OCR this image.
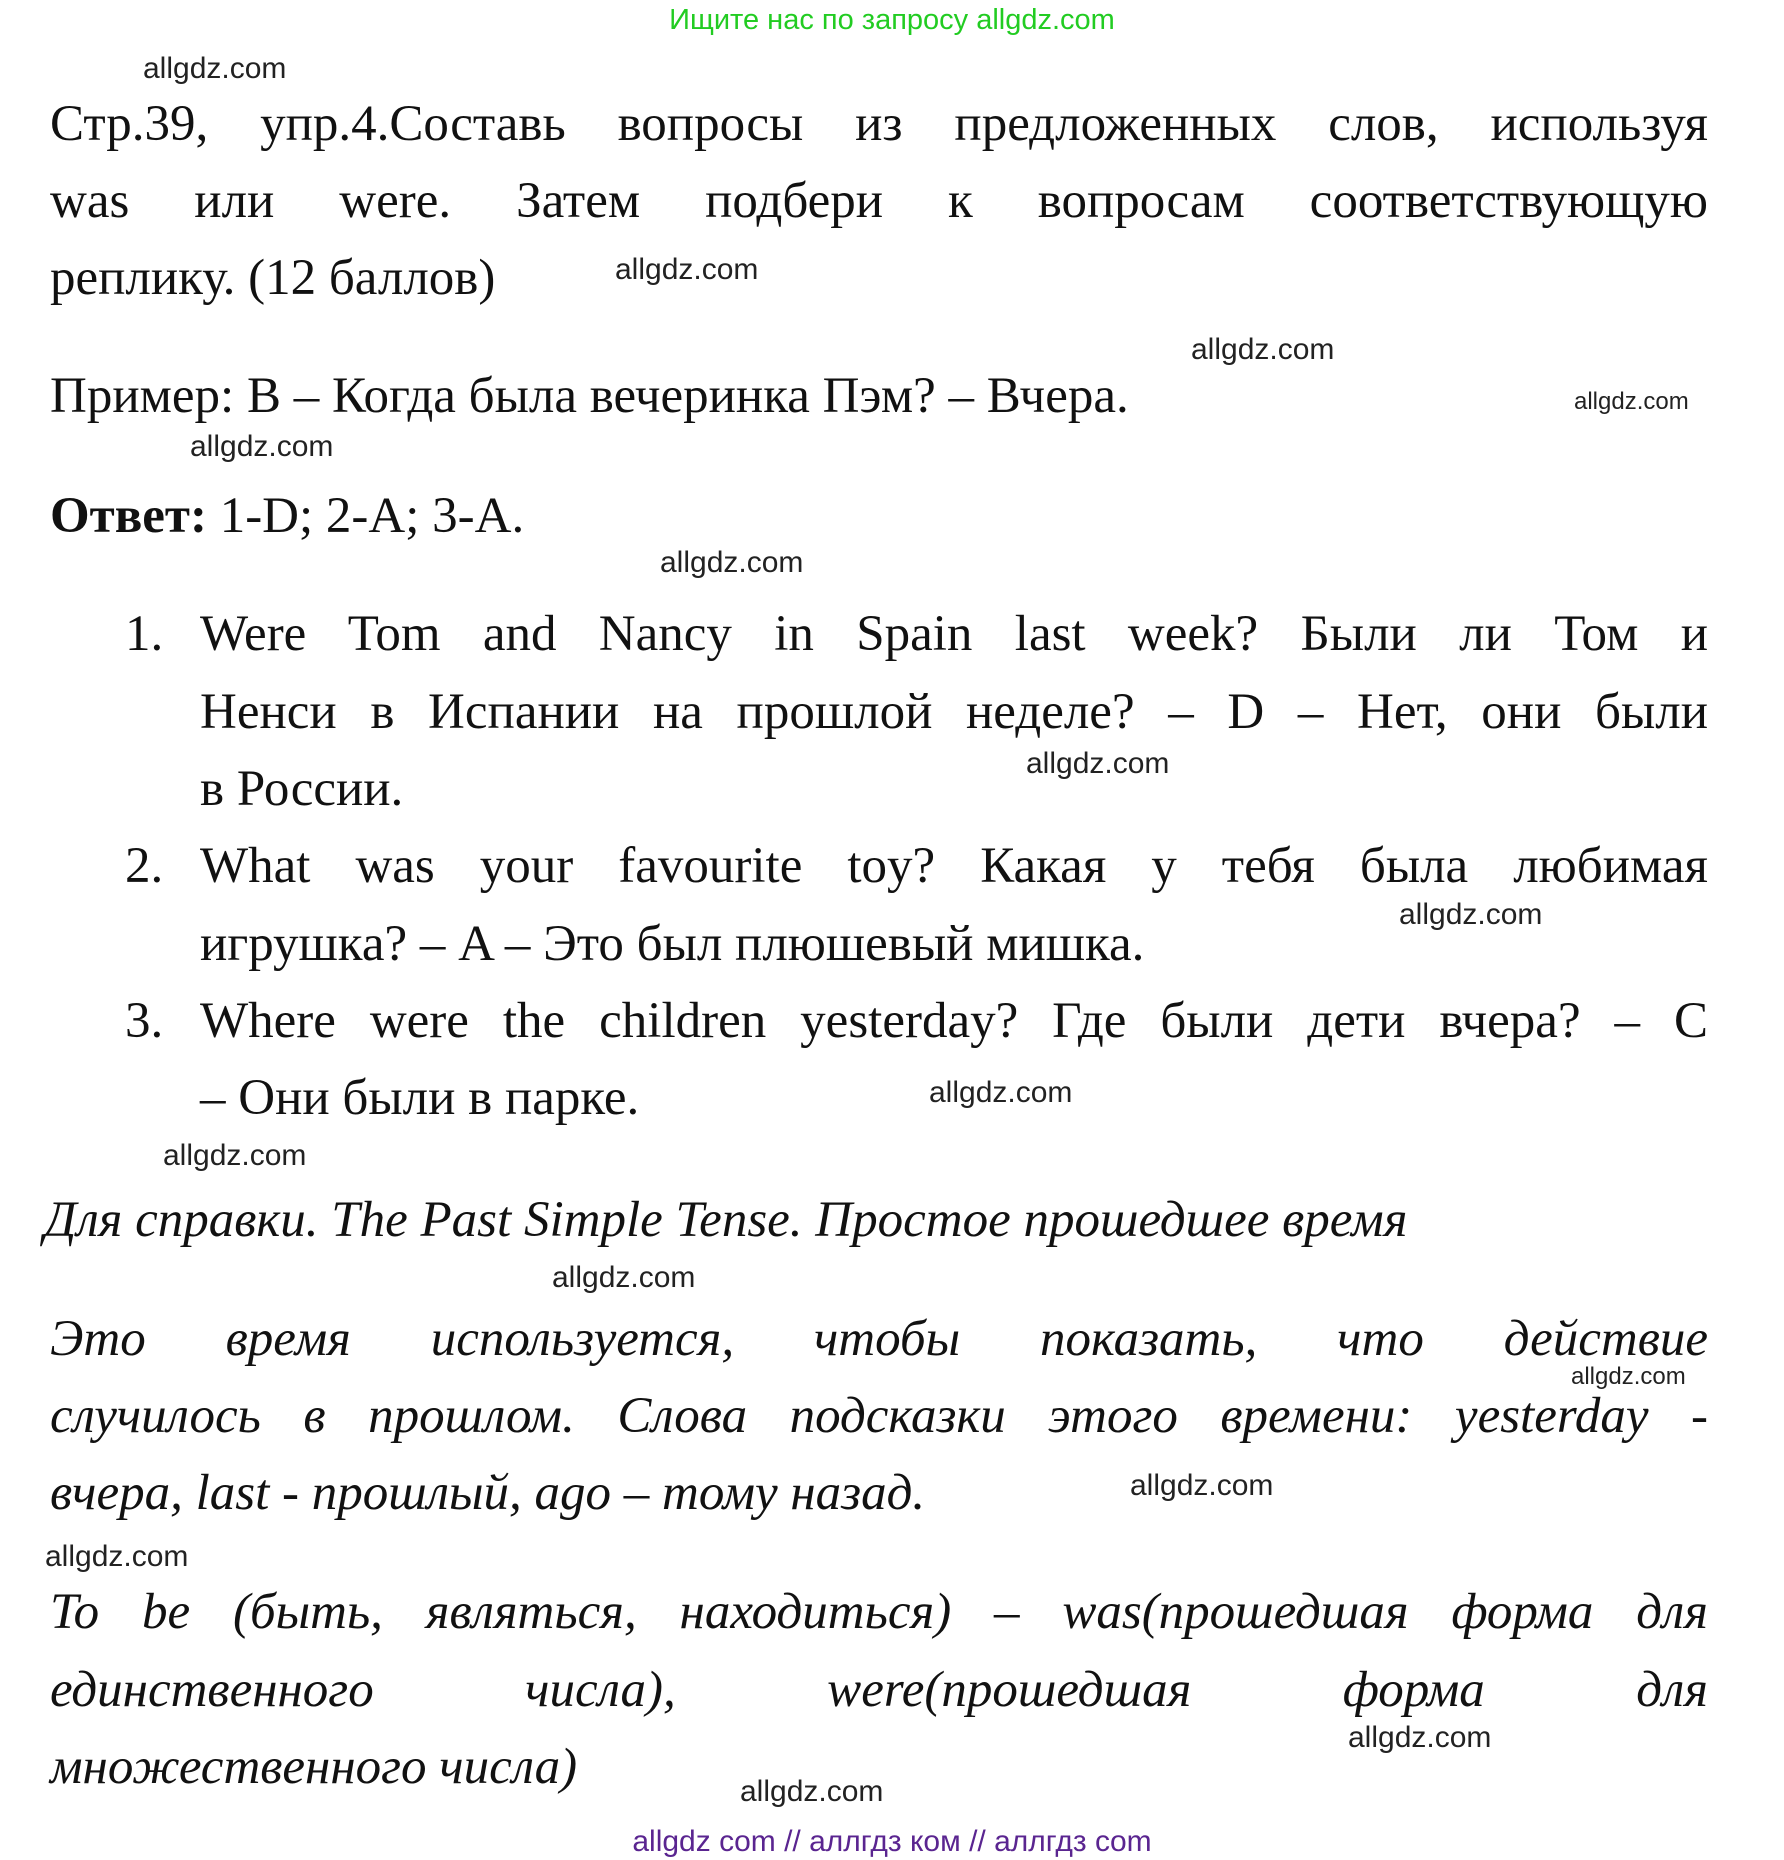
Ищите нас по запросу allgdz.com
Стр.39, упр.4.Составь вопросы из предложенных слов, используя
was или were. Затем подбери к вопросам соответствующую
реплику. (12 баллов)
Пример: В – Когда была вечеринка Пэм? – Вчера.
Ответ: 1-D; 2-A; 3-A.
1. Were Tom and Nancy in Spain last week? Были ли Том и
Ненси в Испании на прошлой неделе? – D – Нет, они были
в России.
2. What was your favourite toy? Какая у тебя была любимая
игрушка? – A – Это был плюшевый мишка.
3. Where were the children yesterday? Где были дети вчера? – C
– Они были в парке.
Для справки. The Past Simple Tense. Простое прошедшее время
Это время используется, чтобы показать, что действие
случилось в прошлом. Слова подсказки этого времени: yesterday -
вчера, last - прошлый, ago – тому назад.
To be (быть, являться, находиться) – was(прошедшая форма для
единственного числа), were(прошедшая форма для
множественного числа)
allgdz.com
allgdz.com
allgdz.com
allgdz.com
allgdz.com
allgdz.com
allgdz.com
allgdz.com
allgdz.com
allgdz.com
allgdz.com
allgdz.com
allgdz.com
allgdz.com
allgdz.com
allgdz.com
allgdz com // аллгдз ком // аллгдз com
